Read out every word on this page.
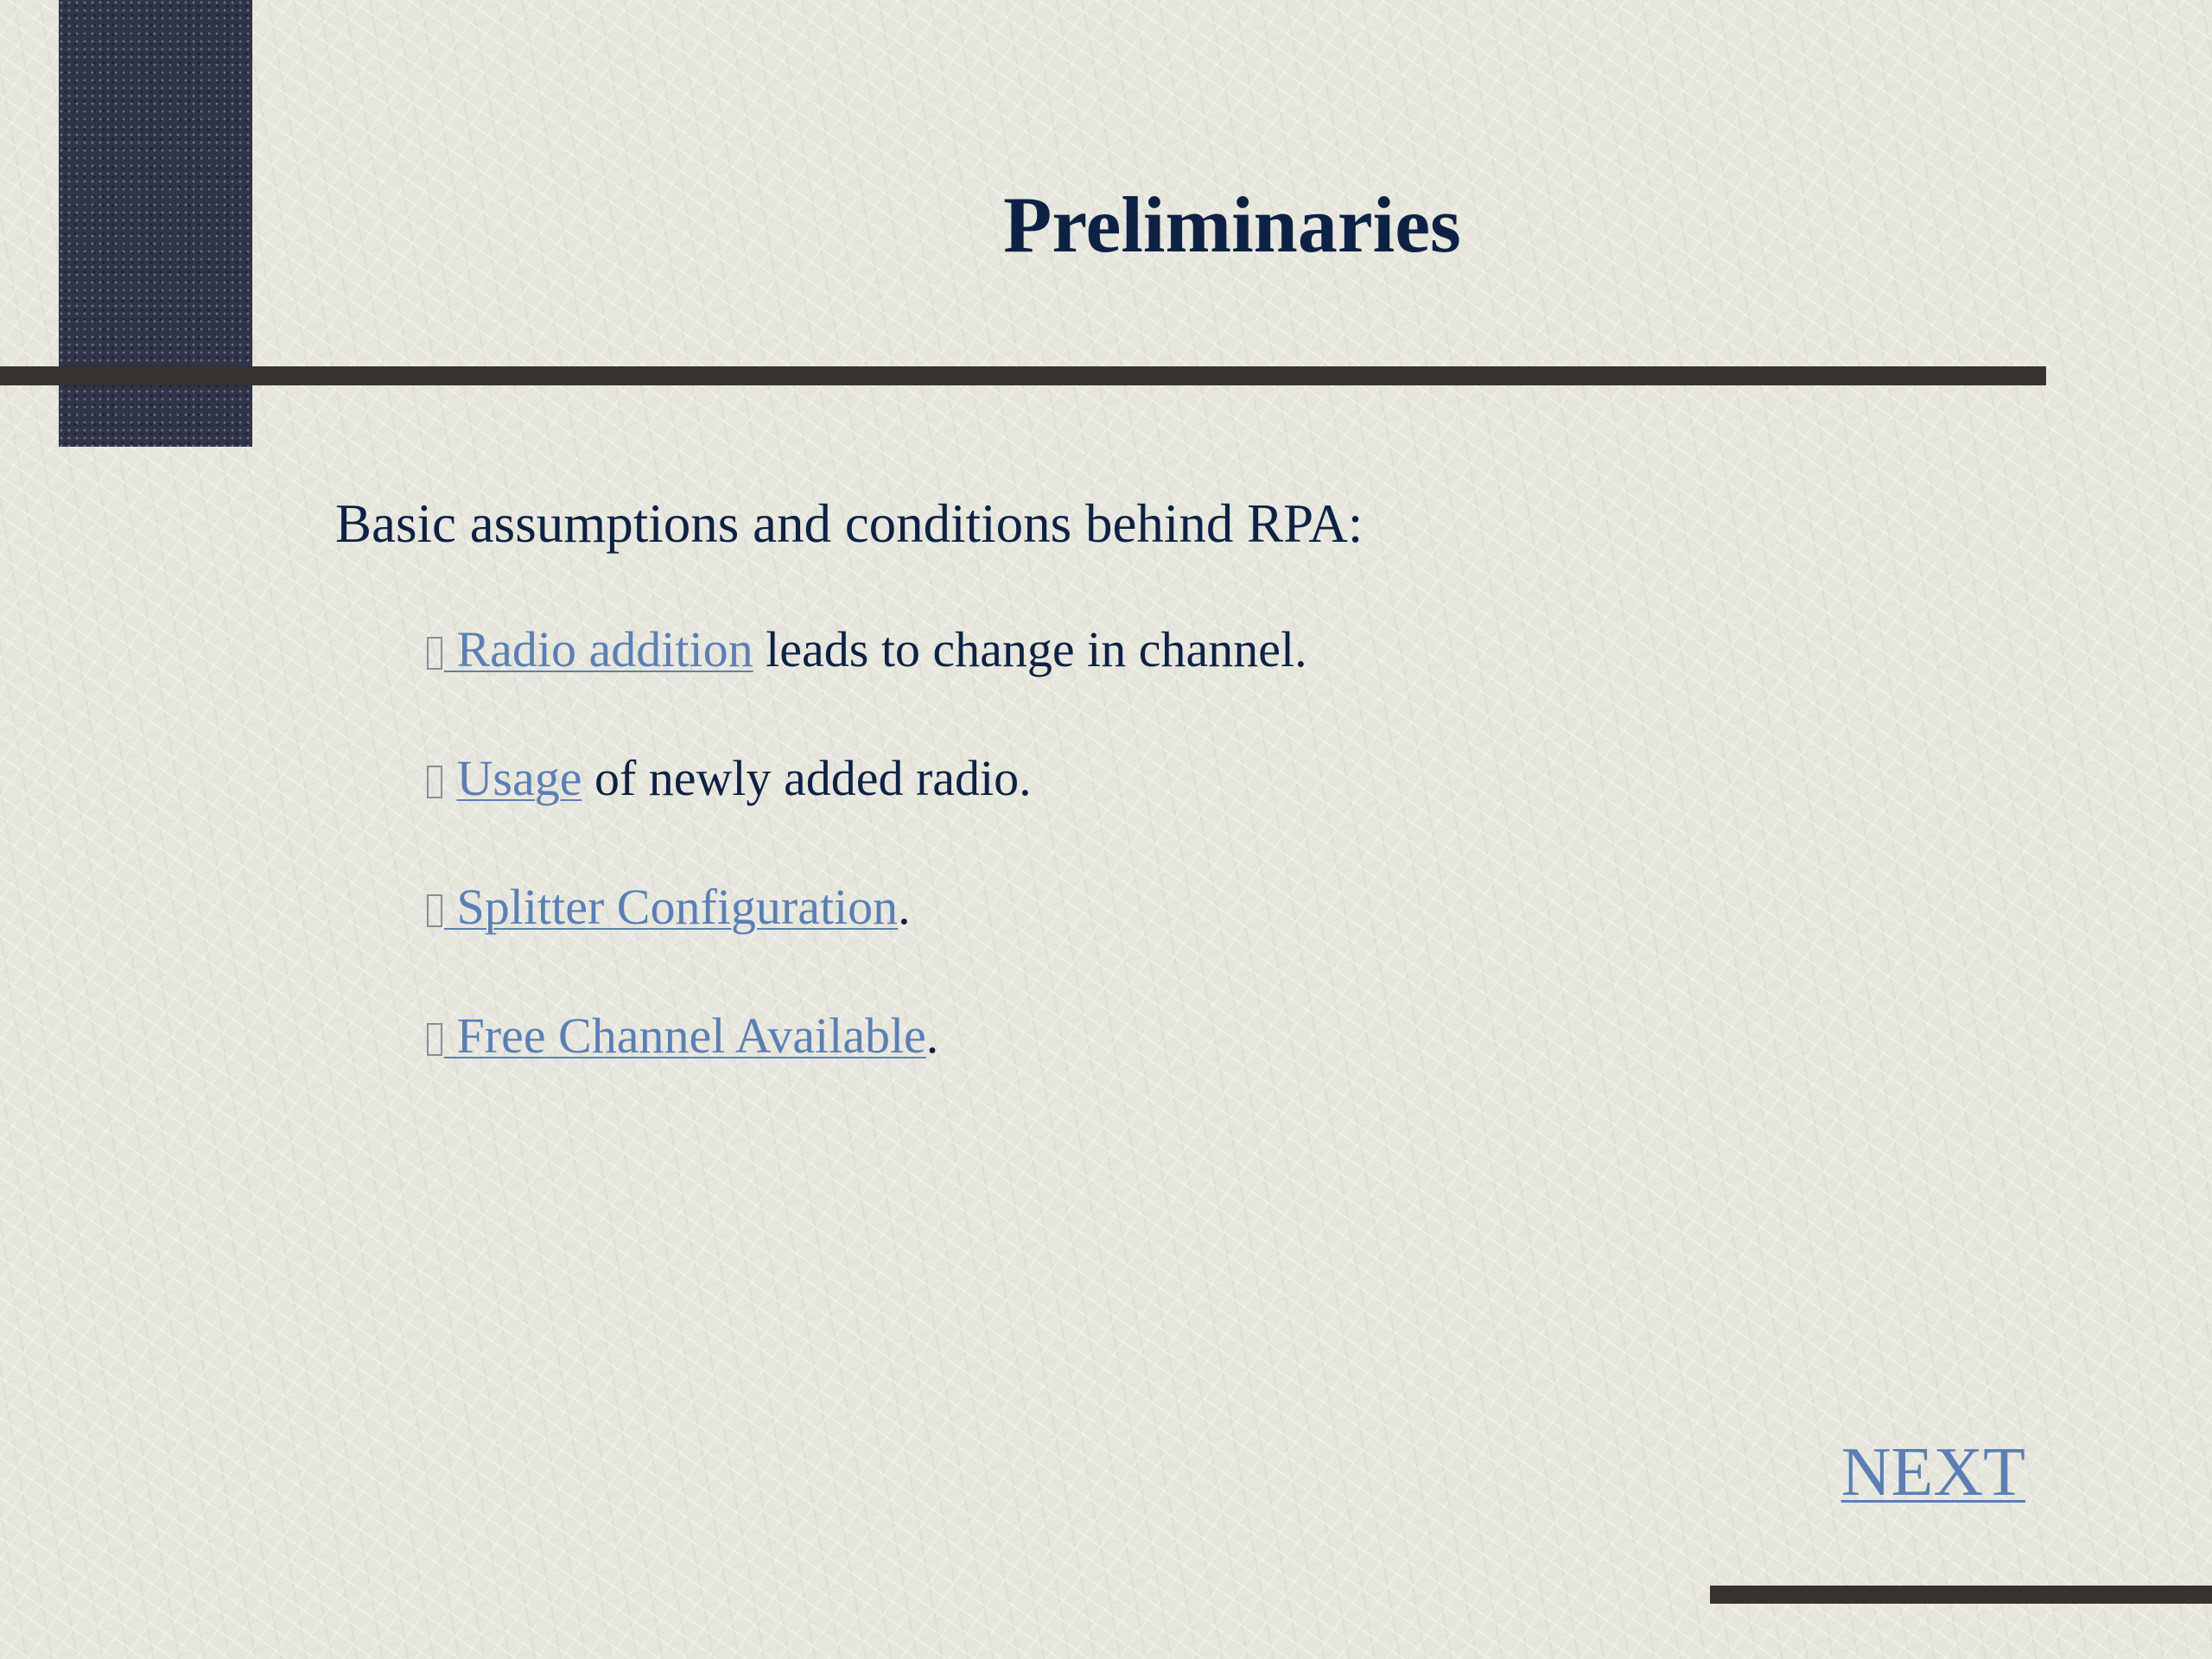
Preliminaries
Basic assumptions and conditions behind RPA:
Radio addition leads to change in channel.
Usage of newly added radio.
Splitter Configuration.
Free Channel Available.
NEXT
